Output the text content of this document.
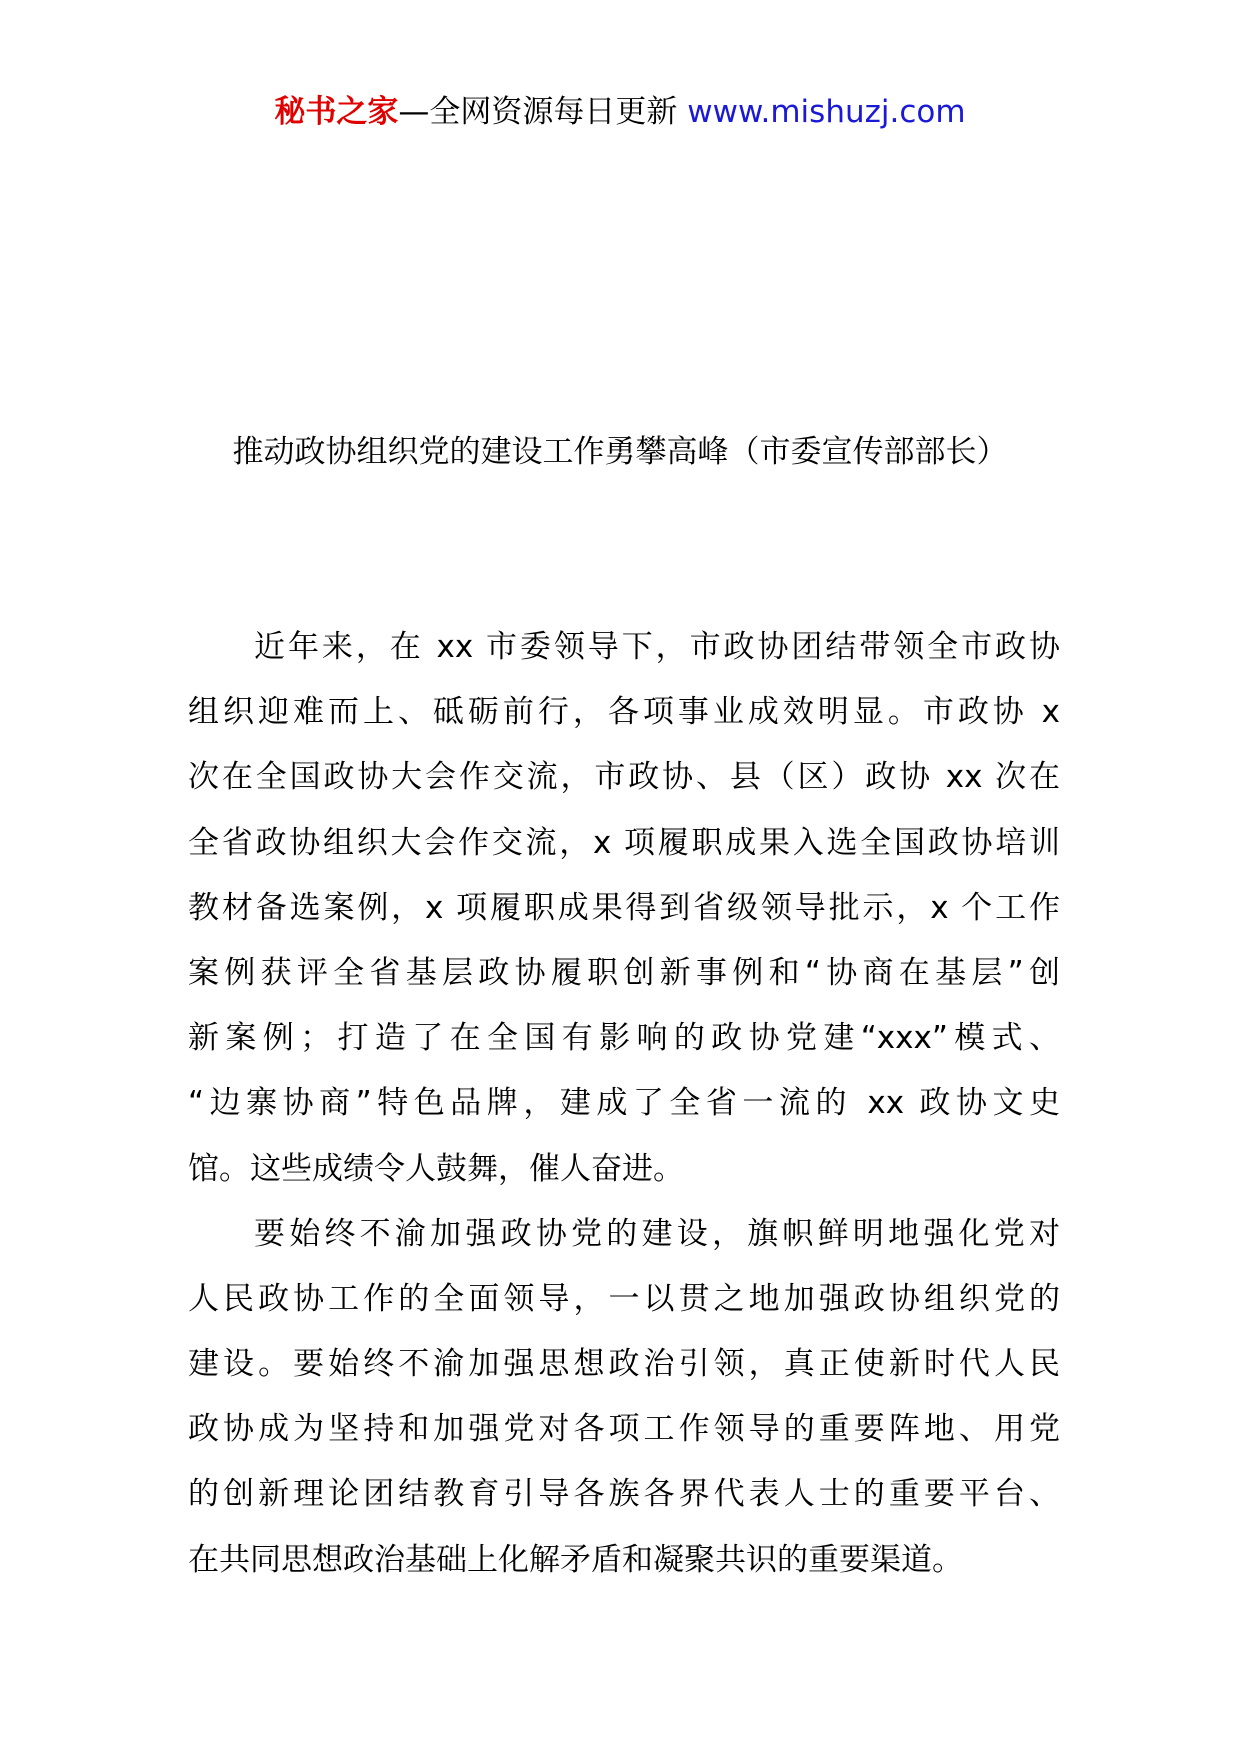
秘书之家—全网资源每日更新 www.mishuzj.com
推动政协组织党的建设工作勇攀高峰（市委宣传部部长）
近年来，在 xx 市委领导下，市政协团结带领全市政协
组织迎难而上、砥砺前行，各项事业成效明显。市政协 x
次在全国政协大会作交流，市政协、县（区）政协 xx 次在
全省政协组织大会作交流，x 项履职成果入选全国政协培训
教材备选案例，x 项履职成果得到省级领导批示，x 个工作
案例获评全省基层政协履职创新事例和“协商在基层”创
新案例；打造了在全国有影响的政协党建“xxx”模式、
“边寨协商”特色品牌，建成了全省一流的 xx 政协文史
馆。这些成绩令人鼓舞，催人奋进。
要始终不渝加强政协党的建设，旗帜鲜明地强化党对
人民政协工作的全面领导，一以贯之地加强政协组织党的
建设。要始终不渝加强思想政治引领，真正使新时代人民
政协成为坚持和加强党对各项工作领导的重要阵地、用党
的创新理论团结教育引导各族各界代表人士的重要平台、
在共同思想政治基础上化解矛盾和凝聚共识的重要渠道。
